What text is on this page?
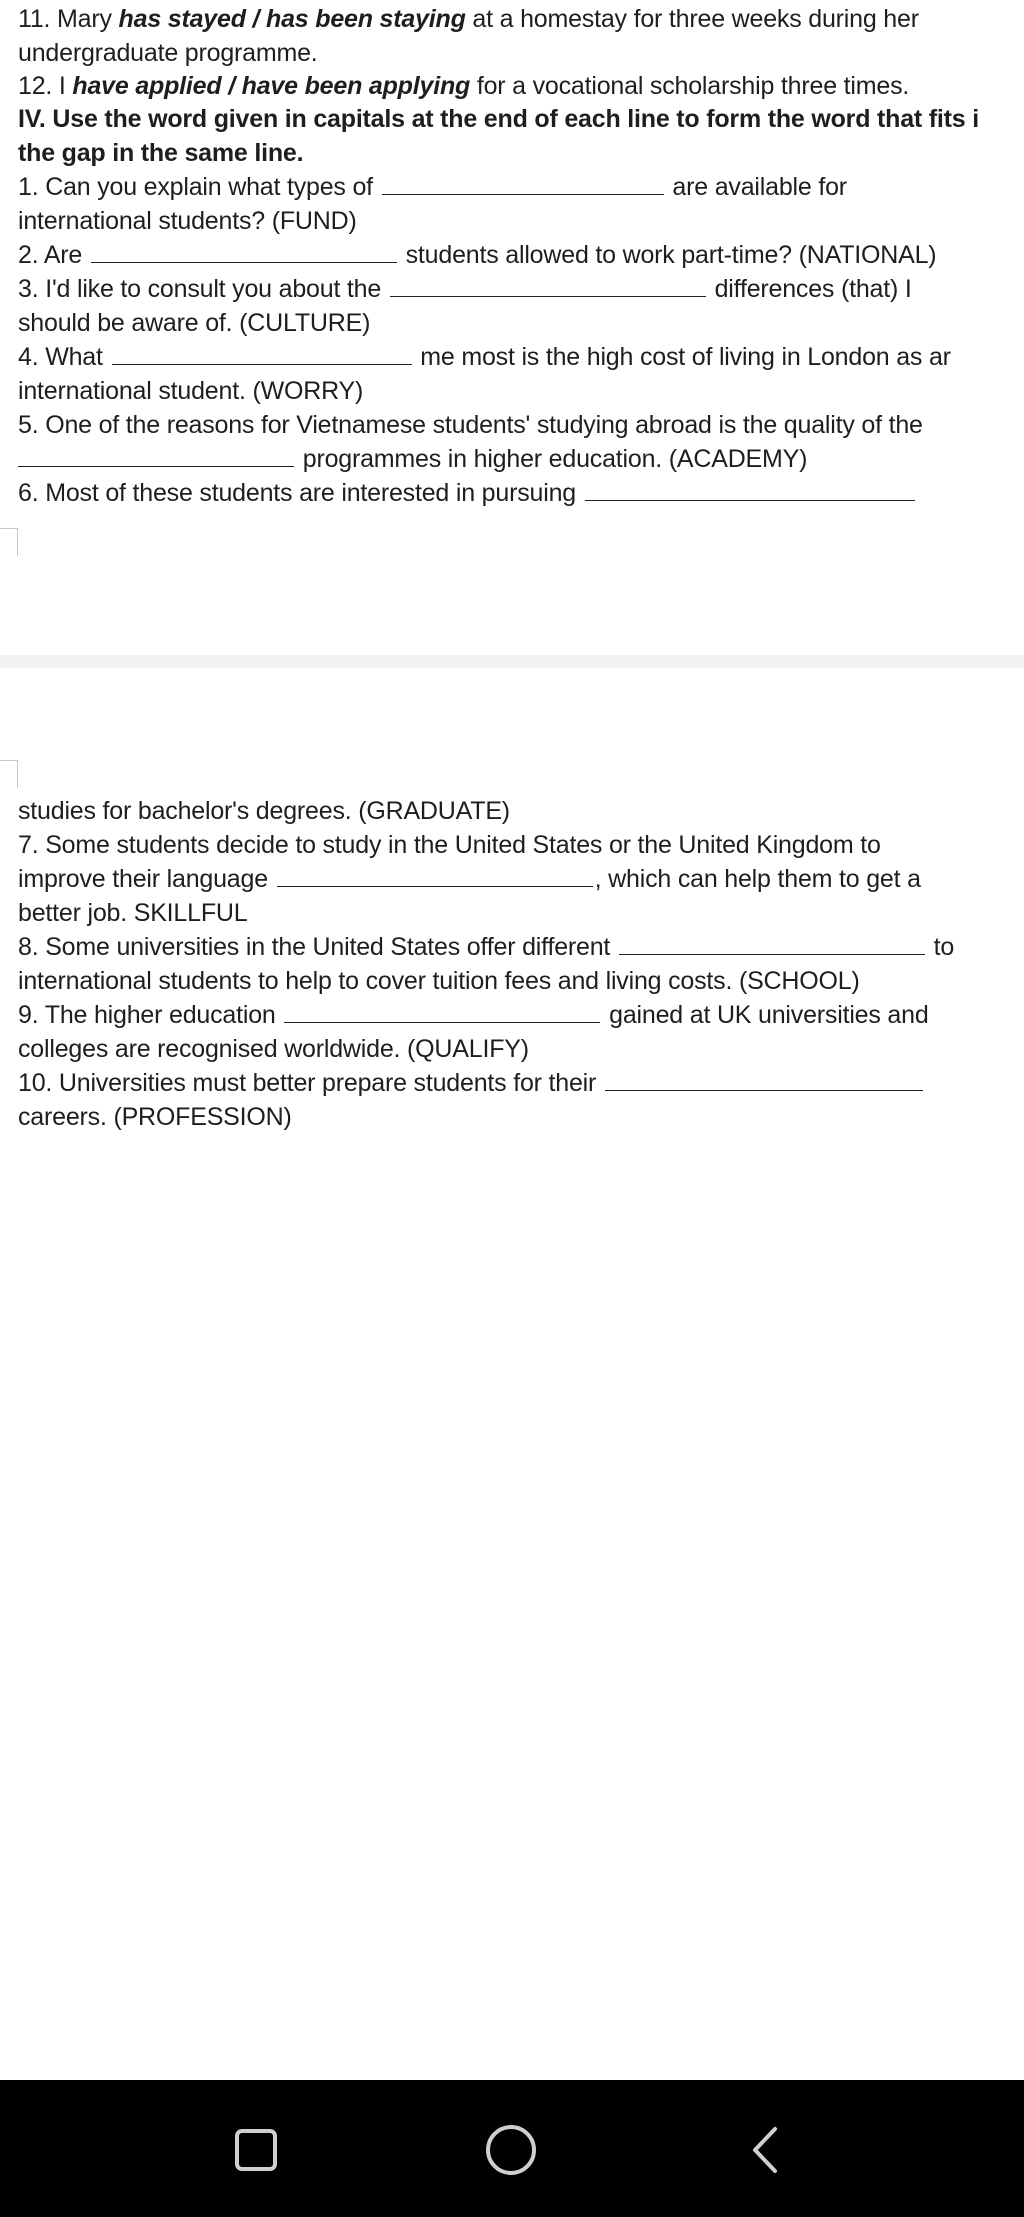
11. Mary has stayed / has been staying at a homestay for three weeks during her
undergraduate programme.
12. I have applied / have been applying for a vocational scholarship three times.
IV. Use the word given in capitals at the end of each line to form the word that fits i
the gap in the same line.
1. Can you explain what types of	are available for
international students? (FUND)
2. Are	students allowed to work part-time? (NATIONAL)
3. I'd like to consult you about the	differences (that) I
should be aware of. (CULTURE)
4. What	me most is the high cost of living in London as ar
international student. (WORRY)
5. One of the reasons for Vietnamese students' studying abroad is the quality of the
programmes in higher education. (ACADEMY)
6. Most of these students are interested in pursuing
studies for bachelor's degrees. (GRADUATE)
7. Some students decide to study in the United States or the United Kingdom to
improve their language	, which can help them to get a
better job. SKILLFUL
8. Some universities in the United States offer different	to
international students to help to cover tuition fees and living costs. (SCHOOL)
9. The higher education	gained at UK universities and
colleges are recognised worldwide. (QUALIFY)
10. Universities must better prepare students for their
careers. (PROFESSION)
